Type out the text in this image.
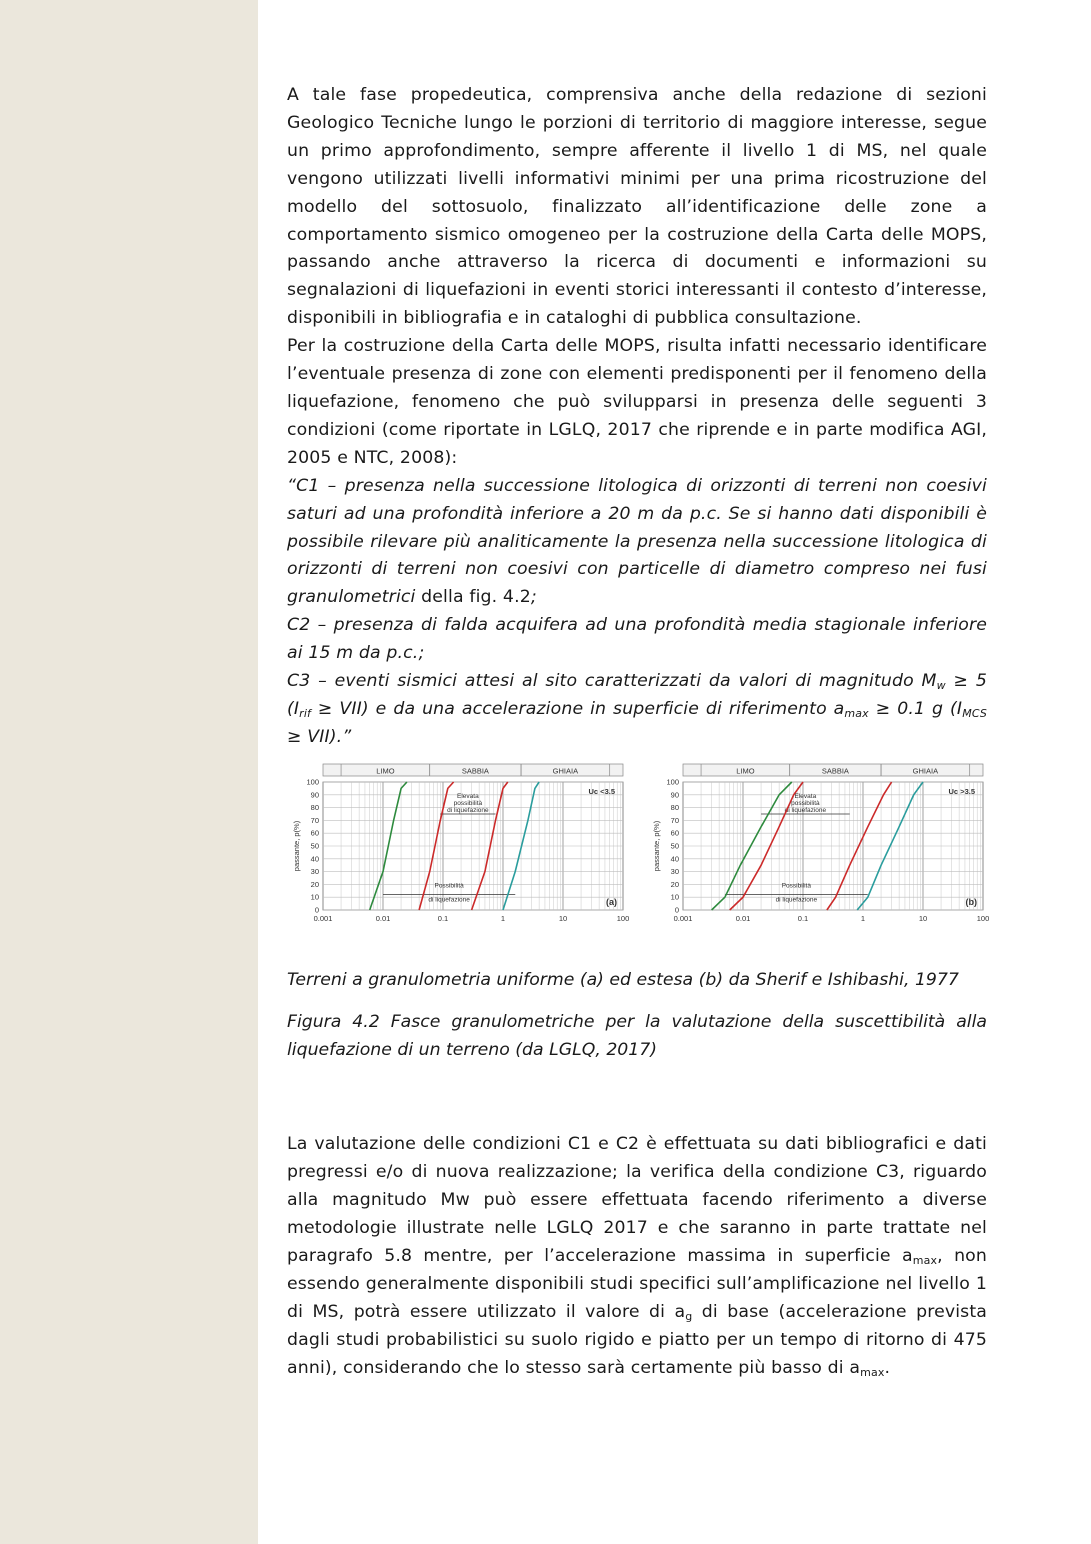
A tale fase propedeutica, comprensiva anche della redazione di sezioni Geologico Tecniche lungo le porzioni di territorio di maggiore interesse, segue un primo approfondimento, sempre afferente il livello 1 di MS, nel quale vengono utilizzati livelli informativi minimi per una prima ricostruzione del modello del sottosuolo, finalizzato all’identificazione delle zone a comportamento sismico omogeneo per la costruzione della Carta delle MOPS, passando anche attraverso la ricerca di documenti e informazioni su segnalazioni di liquefazioni in eventi storici interessanti il contesto d’interesse, disponibili in bibliografia e in cataloghi di pubblica consultazione.

Per la costruzione della Carta delle MOPS, risulta infatti necessario identificare l’eventuale presenza di zone con elementi predisponenti per il fenomeno della liquefazione, fenomeno che può svilupparsi in presenza delle seguenti 3 condizioni (come riportate in LGLQ, 2017 che riprende e in parte modifica AGI, 2005 e NTC, 2008):

“C1 – presenza nella successione litologica di orizzonti di terreni non coesivi saturi ad una profondità inferiore a 20 m da p.c. Se si hanno dati disponibili è possibile rilevare più analiticamente la presenza nella successione litologica di orizzonti di terreni non coesivi con particelle di diametro compreso nei fusi granulometrici della fig. 4.2;

C2 – presenza di falda acquifera ad una profondità media stagionale inferiore ai 15 m da p.c.;

C3 – eventi sismici attesi al sito caratterizzati da valori di magnitudo $M_w \ge 5$ $(I_{rif} \ge VII)$ e da una accelerazione in superficie di riferimento $a_{max} \ge 0.1$ g $(I_{MCS} \ge VII)$.”

0.001	0.01	0.1	1	10	100
0
10
20
30
40
50
60
70
80
90
100
passante, p(%)
LIMO	SABBIA	GHIAIA
Uc <3.5
(a)
Elevata
possibilità
di liquefazione
Possibilità
di liquefazione
0.001	0.01	0.1	1	10	100
0
10
20
30
40
50
60
70
80
90
100
passante, p(%)
LIMO	SABBIA	GHIAIA
Uc >3.5
(b)
Elevata
possibilità
di liquefazione
Possibilità
di liquefazione

Terreni a granulometria uniforme (a) ed estesa (b) da Sherif e Ishibashi, 1977

Figura 4.2 Fasce granulometriche per la valutazione della suscettibilità alla liquefazione di un terreno (da LGLQ, 2017)

La valutazione delle condizioni C1 e C2 è effettuata su dati bibliografici e dati pregressi e/o di nuova realizzazione; la verifica della condizione C3, riguardo alla magnitudo Mw può essere effettuata facendo riferimento a diverse metodologie illustrate nelle LGLQ 2017 e che saranno in parte trattate nel paragrafo 5.8 mentre, per l’accelerazione massima in superficie $a_{max}$, non essendo generalmente disponibili studi specifici sull’amplificazione nel livello 1 di MS, potrà essere utilizzato il valore di $a_g$ di base (accelerazione prevista dagli studi probabilistici su suolo rigido e piatto per un tempo di ritorno di 475 anni), considerando che lo stesso sarà certamente più basso di $a_{max}$.
